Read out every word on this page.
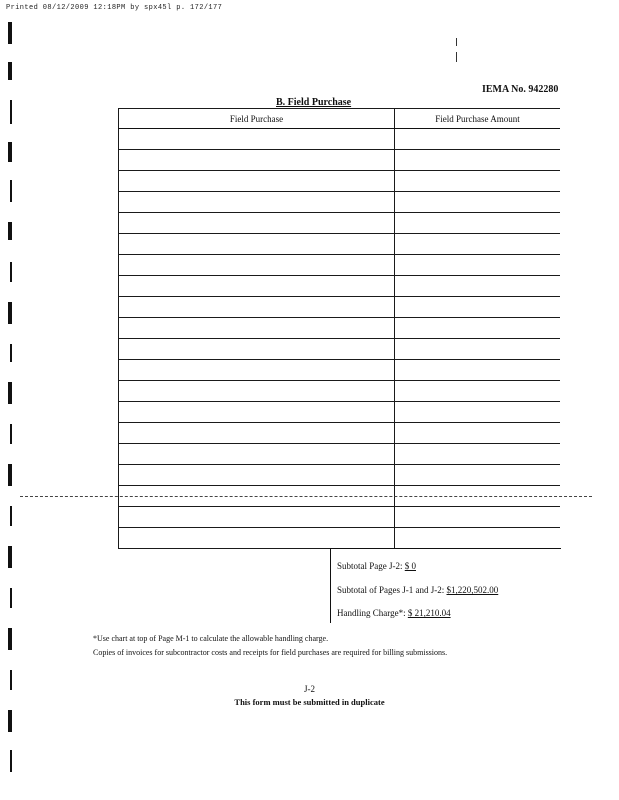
Printed 08/12/2009 12:18PM by spx45l p. 172/177
IEMA No. 942280
B. Field Purchase
Field Purchase	Field Purchase Amount

Subtotal Page J-2: $ 0
Subtotal of Pages J-1 and J-2: $1,220,502.00
Handling Charge*: $ 21,210.04
*Use chart at top of Page M-1 to calculate the allowable handling charge.
Copies of invoices for subcontractor costs and receipts for field purchases are required for billing submissions.
J-2
This form must be submitted in duplicate
